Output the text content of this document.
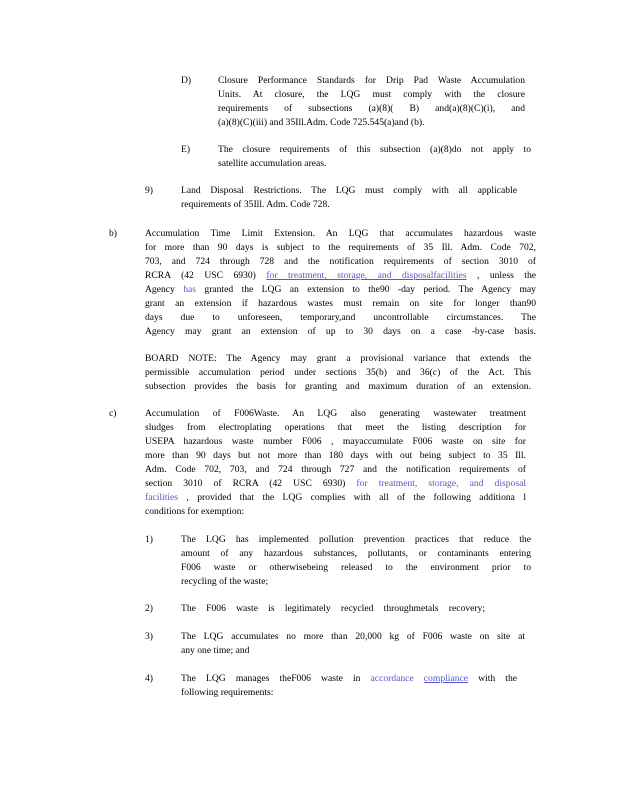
D)	Closure Performance Standards for Drip Pad Waste Accumulation
Units. At closure, the LQG must comply with the closure
requirements of subsections (a)(8)( B) and(a)(8)(C)(i), and
(a)(8)(C)(iii) and 35Ill.Adm. Code 725.545(a)and (b).
E)	The closure requirements of this subsection (a)(8)do not apply to
satellite accumulation areas.
9)	Land Disposal Restrictions. The LQG must comply with all applicable
requirements of 35Ill. Adm. Code 728.
b)	Accumulation Time Limit Extension. An LQG that accumulates hazardous waste
for more than 90 days is subject to the requirements of 35 Ill. Adm. Code 702,
703, and 724 through 728 and the notification requirements of section 3010 of
RCRA (42 USC 6930) for treatment, storage, and disposalfacilities , unless the
Agency has granted the LQG an extension to the90 -day period. The Agency may
grant an extension if hazardous wastes must remain on site for longer than90
days due to unforeseen, temporary,and uncontrollable circumstances. The
Agency may grant an extension of up to 30 days on a case -by-case basis.
BOARD NOTE: The Agency may grant a provisional variance that extends the
permissible accumulation period under sections 35(b) and 36(c) of the Act. This
subsection provides the basis for granting and maximum duration of an extension.
c)	Accumulation of F006Waste. An LQG also generating wastewater treatment
sludges from electroplating operations that meet the listing description for
USEPA hazardous waste number F006 , mayaccumulate F006 waste on site for
more than 90 days but not more than 180 days with out being subject to 35 Ill.
Adm. Code 702, 703, and 724 through 727 and the notification requirements of
section 3010 of RCRA (42 USC 6930) for treatment, storage, and disposal
facilities , provided that the LQG complies with all of the following additiona l
conditions for exemption:
1)	The LQG has implemented pollution prevention practices that reduce the
amount of any hazardous substances, pollutants, or contaminants entering
F006 waste or otherwisebeing released to the environment prior to
recycling of the waste;
2)	The F006 waste is legitimately recycled throughmetals recovery;
3)	The LQG accumulates no more than 20,000 kg of F006 waste on site at
any one time; and
4)	The LQG manages theF006 waste in accordance compliance with the
following requirements:
